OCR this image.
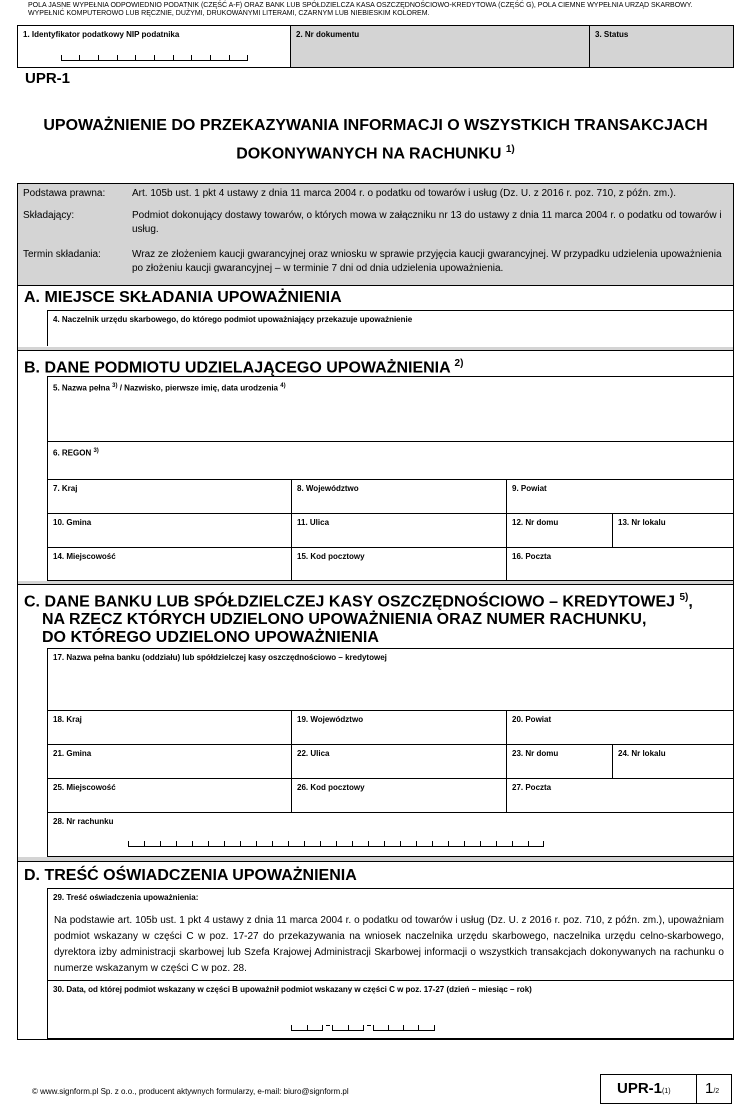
POLA JASNE WYPEŁNIA ODPOWIEDNIO PODATNIK (CZĘŚĆ A-F) ORAZ BANK LUB SPÓŁDZIELCZA KASA OSZCZĘDNOŚCIOWO-KREDYTOWA (CZĘŚĆ G), POLA CIEMNE WYPEŁNIA URZĄD SKARBOWY. WYPEŁNIĆ KOMPUTEROWO LUB RĘCZNIE, DUŻYMI, DRUKOWANYMI LITERAMI, CZARNYM LUB NIEBIESKIM KOLOREM.
1. Identyfikator podatkowy NIP podatnika	2. Nr dokumentu	3. Status
UPR-1
UPOWAŻNIENIE DO PRZEKAZYWANIA INFORMACJI O WSZYSTKICH TRANSAKCJACH
DOKONYWANYCH NA RACHUNKU $^{1)}$
Podstawa prawna:	Art. 105b ust. 1 pkt 4 ustawy z dnia 11 marca 2004 r. o podatku od towarów i usług (Dz. U. z 2016 r. poz. 710, z późn. zm.).
Składający:	Podmiot dokonujący dostawy towarów, o których mowa w załączniku nr 13 do ustawy z dnia 11 marca 2004 r. o podatku od towarów i usług.
Termin składania:	Wraz ze złożeniem kaucji gwarancyjnej oraz wniosku w sprawie przyjęcia kaucji gwarancyjnej. W przypadku udzielenia upoważnienia po złożeniu kaucji gwarancyjnej – w terminie 7 dni od dnia udzielenia upoważnienia.
A. MIEJSCE SKŁADANIA UPOWAŻNIENIA
4. Naczelnik urzędu skarbowego, do którego podmiot upoważniający przekazuje upoważnienie
B. DANE PODMIOTU UDZIELAJĄCEGO UPOWAŻNIENIA $^{2)}$
5. Nazwa pełna $^{3)}$ / Nazwisko, pierwsze imię, data urodzenia $^{4)}$
6. REGON $^{3)}$
7. Kraj	8. Województwo	9. Powiat
10. Gmina	11. Ulica	12. Nr domu	13. Nr lokalu
14. Miejscowość	15. Kod pocztowy	16. Poczta
C. DANE BANKU LUB SPÓŁDZIELCZEJ KASY OSZCZĘDNOŚCIOWO – KREDYTOWEJ $^{5)}$,
NA RZECZ KTÓRYCH UDZIELONO UPOWAŻNIENIA ORAZ NUMER RACHUNKU,
DO KTÓREGO UDZIELONO UPOWAŻNIENIA
17. Nazwa pełna banku (oddziału) lub spółdzielczej kasy oszczędnościowo – kredytowej
18. Kraj	19. Województwo	20. Powiat
21. Gmina	22. Ulica	23. Nr domu	24. Nr lokalu
25. Miejscowość	26. Kod pocztowy	27. Poczta
28. Nr rachunku
D. TREŚĆ OŚWIADCZENIA UPOWAŻNIENIA
29. Treść oświadczenia upoważnienia:
Na podstawie art. 105b ust. 1 pkt 4 ustawy z dnia 11 marca 2004 r. o podatku od towarów i usług (Dz. U. z 2016 r. poz. 710, z późn. zm.), upoważniam podmiot wskazany w części C w poz. 17-27 do przekazywania na wniosek naczelnika urzędu skarbowego, naczelnika urzędu celno-skarbowego, dyrektora izby administracji skarbowej lub Szefa Krajowej Administracji Skarbowej informacji o wszystkich transakcjach dokonywanych na rachunku o numerze wskazanym w części C w poz. 28.
30. Data, od której podmiot wskazany w części B upoważnił podmiot wskazany w części C w poz. 17-27 (dzień – miesiąc – rok)
© www.signform.pl Sp. z o.o., producent aktywnych formularzy, e-mail: biuro@signform.pl	UPR-1(1) 1/2
